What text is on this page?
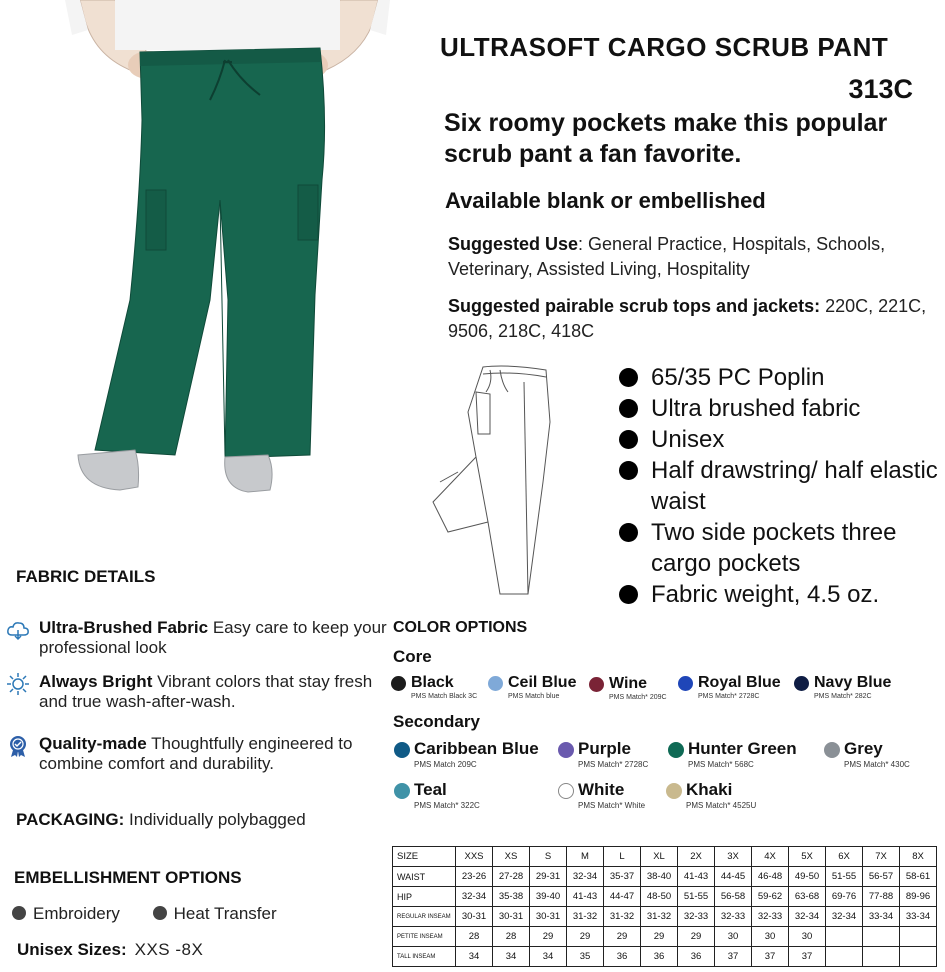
ULTRASOFT CARGO SCRUB PANT
313C
Six roomy pockets make this popular scrub pant a fan favorite.
Available blank or embellished
Suggested Use: General Practice, Hospitals, Schools, Veterinary, Assisted Living, Hospitality
Suggested pairable scrub tops and jackets: 220C, 221C, 9506, 218C, 418C
65/35 PC Poplin
Ultra brushed fabric
Unisex
Half drawstring/ half elastic waist
Two side pockets three cargo pockets
Fabric weight, 4.5 oz.
FABRIC DETAILS
Ultra-Brushed Fabric Easy care to keep your professional look
Always Bright Vibrant colors that stay fresh and true wash-after-wash.
Quality-made Thoughtfully engineered to combine comfort and durability.
PACKAGING: Individually polybagged
EMBELLISHMENT OPTIONS
Embroidery	Heat Transfer
Unisex Sizes: XXS -8X
COLOR OPTIONS
Core
Black
PMS Match Black 3C
Ceil Blue
PMS Match blue
Wine
PMS Match* 209C
Royal Blue
PMS Match* 2728C
Navy Blue
PMS Match* 282C
Secondary
Caribbean Blue
PMS Match 209C
Purple
PMS Match* 2728C
Hunter Green
PMS Match* 568C
Grey
PMS Match* 430C
Teal
PMS Match* 322C
White
PMS Match* White
Khaki
PMS Match* 4525U
SIZE	XXS	XS	S	M	L	XL	2X	3X	4X	5X	6X	7X	8X
WAIST	23-26	27-28	29-31	32-34	35-37	38-40	41-43	44-45	46-48	49-50	51-55	56-57	58-61
HIP	32-34	35-38	39-40	41-43	44-47	48-50	51-55	56-58	59-62	63-68	69-76	77-88	89-96
REGULAR INSEAM	30-31	30-31	30-31	31-32	31-32	31-32	32-33	32-33	32-33	32-34	32-34	33-34	33-34
PETITE INSEAM	28	28	29	29	29	29	29	30	30	30			
TALL INSEAM	34	34	34	35	36	36	36	37	37	37			
